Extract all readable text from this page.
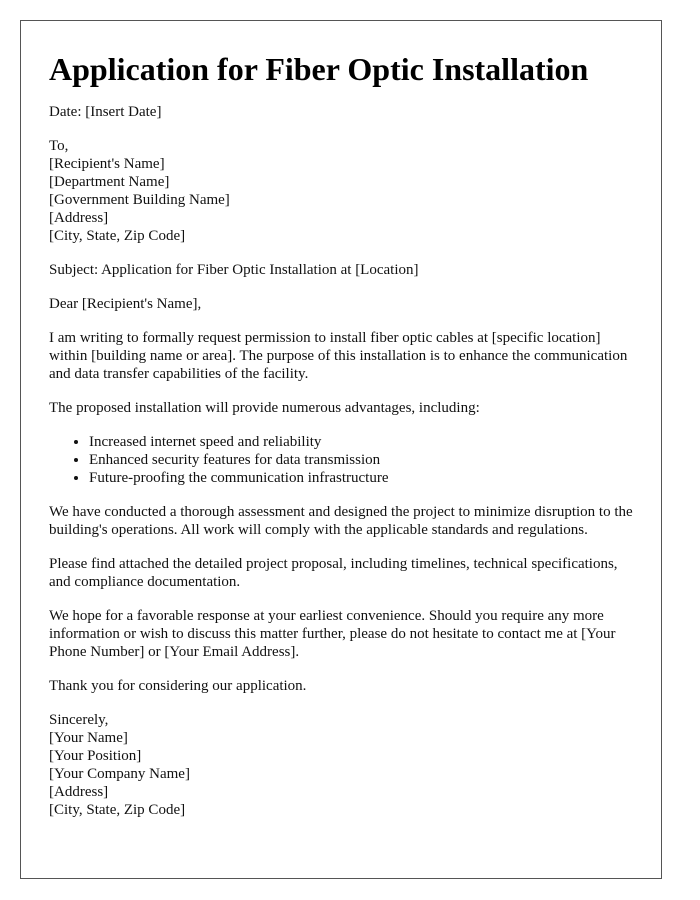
Application for Fiber Optic Installation

Date: [Insert Date]

To,
[Recipient's Name]
[Department Name]
[Government Building Name]
[Address]
[City, State, Zip Code]

Subject: Application for Fiber Optic Installation at [Location]

Dear [Recipient's Name],

I am writing to formally request permission to install fiber optic cables at [specific location] within [building name or area]. The purpose of this installation is to enhance the communication and data transfer capabilities of the facility.

The proposed installation will provide numerous advantages, including:

• Increased internet speed and reliability
• Enhanced security features for data transmission
• Future-proofing the communication infrastructure

We have conducted a thorough assessment and designed the project to minimize disruption to the building's operations. All work will comply with the applicable standards and regulations.

Please find attached the detailed project proposal, including timelines, technical specifications, and compliance documentation.

We hope for a favorable response at your earliest convenience. Should you require any more information or wish to discuss this matter further, please do not hesitate to contact me at [Your Phone Number] or [Your Email Address].

Thank you for considering our application.

Sincerely,
[Your Name]
[Your Position]
[Your Company Name]
[Address]
[City, State, Zip Code]
